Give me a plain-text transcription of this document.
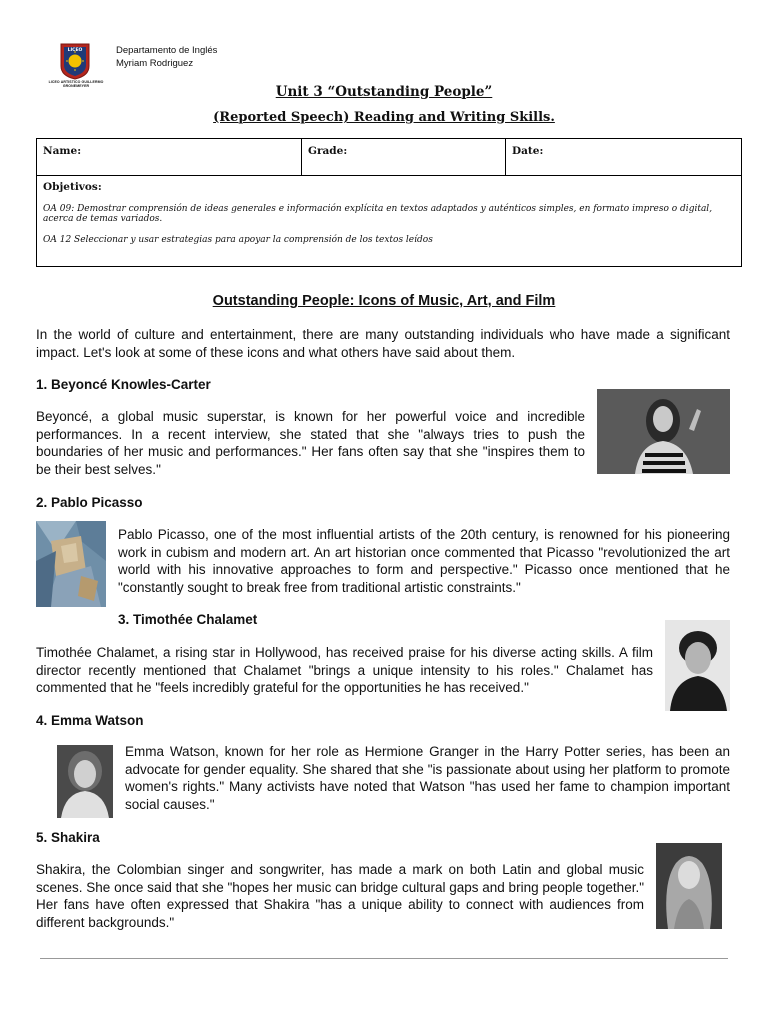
LICEO
LICEO ARTISTICO GUILLERMO GRONEMEYER
Departamento de Inglés
Myriam Rodriguez
Unit 3 “Outstanding People”
(Reported Speech) Reading and Writing Skills.
Name:	Grade:	Date:
Objetivos:
OA 09: Demostrar comprensión de ideas generales e información explícita en textos adaptados y auténticos simples, en formato impreso o digital, acerca de temas variados.
OA 12 Seleccionar y usar estrategias para apoyar la comprensión de los textos leídos
Outstanding People: Icons of Music, Art, and Film
In the world of culture and entertainment, there are many outstanding individuals who have made a significant impact. Let's look at some of these icons and what others have said about them.
1. Beyoncé Knowles-Carter
Beyoncé, a global music superstar, is known for her powerful voice and incredible performances. In a recent interview, she stated that she "always tries to push the boundaries of her music and performances." Her fans often say that she "inspires them to be their best selves."
2. Pablo Picasso
Pablo Picasso, one of the most influential artists of the 20th century, is renowned for his pioneering work in cubism and modern art. An art historian once commented that Picasso "revolutionized the art world with his innovative approaches to form and perspective." Picasso once mentioned that he "constantly sought to break free from traditional artistic constraints."
3. Timothée Chalamet
Timothée Chalamet, a rising star in Hollywood, has received praise for his diverse acting skills. A film director recently mentioned that Chalamet "brings a unique intensity to his roles." Chalamet has commented that he "feels incredibly grateful for the opportunities he has received."
4. Emma Watson
Emma Watson, known for her role as Hermione Granger in the Harry Potter series, has been an advocate for gender equality. She shared that she "is passionate about using her platform to promote women's rights." Many activists have noted that Watson "has used her fame to champion important social causes."
5. Shakira
Shakira, the Colombian singer and songwriter, has made a mark on both Latin and global music scenes. She once said that she "hopes her music can bridge cultural gaps and bring people together." Her fans have often expressed that Shakira "has a unique ability to connect with audiences from different backgrounds."
